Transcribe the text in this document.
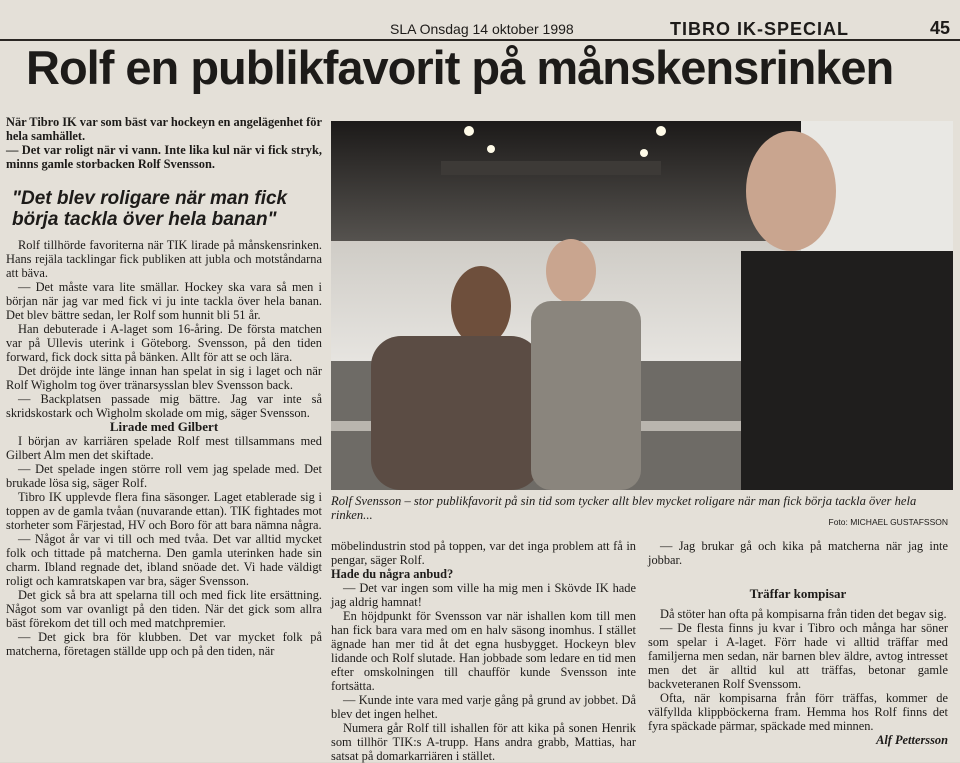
SLA Onsdag 14 oktober 1998	TIBRO IK-SPECIAL	45
Rolf en publikfavorit på månskensrinken

När Tibro IK var som bäst var hockeyn en angelägenhet för hela samhället.

— Det var roligt när vi vann. Inte lika kul när vi fick stryk, minns gamle storbacken Rolf Svensson.

"Det blev roligare när man fick börja tackla över hela banan"

Rolf tillhörde favoriterna när TIK lirade på månskensrinken. Hans rejäla tacklingar fick publiken att jubla och motståndarna att bäva.

— Det måste vara lite smällar. Hockey ska vara så men i början när jag var med fick vi ju inte tackla över hela banan. Det blev bättre sedan, ler Rolf som hunnit bli 51 år.

Han debuterade i A-laget som 16-åring. De första matchen var på Ullevis uterink i Göteborg. Svensson, på den tiden forward, fick dock sitta på bänken. Allt för att se och lära.

Det dröjde inte länge innan han spelat in sig i laget och när Rolf Wigholm tog över tränarsysslan blev Svensson back.

— Backplatsen passade mig bättre. Jag var inte så skridskostark och Wigholm skolade om mig, säger Svensson.

Lirade med Gilbert

I början av karriären spelade Rolf mest tillsammans med Gilbert Alm men det skiftade.

— Det spelade ingen större roll vem jag spelade med. Det brukade lösa sig, säger Rolf.

Tibro IK upplevde flera fina säsonger. Laget etablerade sig i toppen av de gamla tvåan (nuvarande ettan). TIK fightades mot storheter som Färjestad, HV och Boro för att bara nämna några.

— Något år var vi till och med tvåa. Det var alltid mycket folk och tittade på matcherna. Den gamla uterinken hade sin charm. Ibland regnade det, ibland snöade det. Vi hade väldigt roligt och kamratskapen var bra, säger Svensson.

Det gick så bra att spelarna till och med fick lite ersättning. Något som var ovanligt på den tiden. När det gick som allra bäst förekom det till och med matchpremier.

— Det gick bra för klubben. Det var mycket folk på matcherna, företagen ställde upp och på den tiden, när

Rolf Svensson – stor publikfavorit på sin tid som tycker allt blev mycket roligare när man fick börja tackla över hela rinken...	Foto: MICHAEL GUSTAFSSON

möbelindustrin stod på toppen, var det inga problem att få in pengar, säger Rolf.

Hade du några anbud?

— Det var ingen som ville ha mig men i Skövde IK hade jag aldrig hamnat!

En höjdpunkt för Svensson var när ishallen kom till men han fick bara vara med om en halv säsong inomhus. I stället ägnade han mer tid åt det egna husbygget. Hockeyn blev lidande och Rolf slutade. Han jobbade som ledare en tid men efter omskolningen till chaufför kunde Svensson inte fortsätta.

— Kunde inte vara med varje gång på grund av jobbet. Då blev det ingen helhet.

Numera går Rolf till ishallen för att kika på sonen Henrik som tillhör TIK:s A-trupp. Hans andra grabb, Mattias, har satsat på domarkarriären i stället.

— Jag brukar gå och kika på matcherna när jag inte jobbar.

Träffar kompisar

Då stöter han ofta på kompisarna från tiden det begav sig.

— De flesta finns ju kvar i Tibro och många har söner som spelar i A-laget. Förr hade vi alltid träffar med familjerna men sedan, när barnen blev äldre, avtog intresset men det är alltid kul att träffas, betonar gamle backveteranen Rolf Svenssom.

Ofta, när kompisarna från förr träffas, kommer de välfyllda klippböckerna fram. Hemma hos Rolf finns det fyra späckade pärmar, späckade med minnen.

Alf Pettersson
